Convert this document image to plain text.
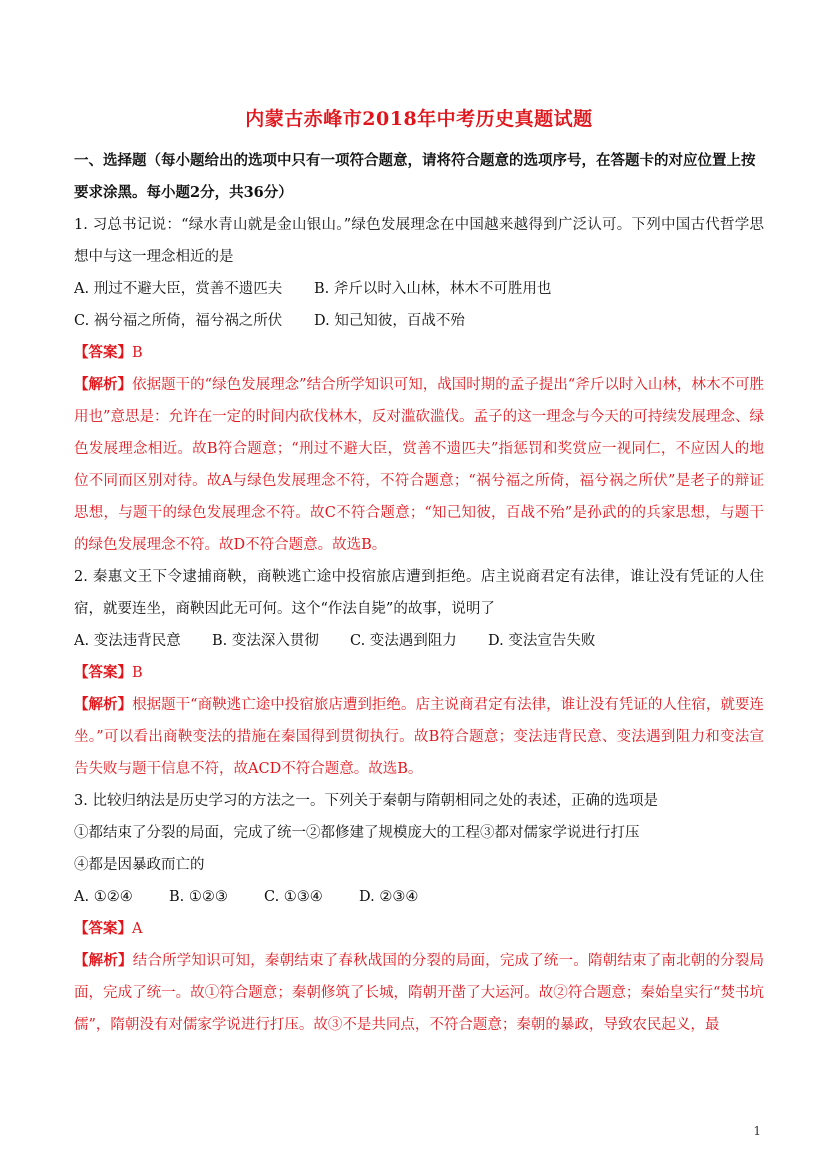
内蒙古赤峰市2018年中考历史真题试题

一、选择题（每小题给出的选项中只有一项符合题意，请将符合题意的选项序号，在答题卡的对应位置上按要求涂黑。每小题2分，共36分）

1. 习总书记说：“绿水青山就是金山银山。”绿色发展理念在中国越来越得到广泛认可。下列中国古代哲学思想中与这一理念相近的是

A. 刑过不避大臣，赏善不遗匹夫	B. 斧斤以时入山林，林木不可胜用也

C. 祸兮福之所倚，福兮祸之所伏	D. 知己知彼，百战不殆

【答案】B

【解析】依据题干的“绿色发展理念”结合所学知识可知，战国时期的孟子提出“斧斤以时入山林，林木不可胜用也”意思是：允许在一定的时间内砍伐林木，反对滥砍滥伐。孟子的这一理念与今天的可持续发展理念、绿色发展理念相近。故B符合题意；“刑过不避大臣，赏善不遗匹夫”指惩罚和奖赏应一视同仁，不应因人的地位不同而区别对待。故A与绿色发展理念不符，不符合题意；“祸兮福之所倚，福兮祸之所伏”是老子的辩证思想，与题干的绿色发展理念不符。故C不符合题意；“知己知彼，百战不殆”是孙武的的兵家思想，与题干的绿色发展理念不符。故D不符合题意。故选B。

2. 秦惠文王下令逮捕商鞅，商鞅逃亡途中投宿旅店遭到拒绝。店主说商君定有法律，谁让没有凭证的人住宿，就要连坐，商鞅因此无可何。这个“作法自毙”的故事，说明了

A. 变法违背民意	B. 变法深入贯彻	C. 变法遇到阻力	D. 变法宣告失败

【答案】B

【解析】根据题干“商鞅逃亡途中投宿旅店遭到拒绝。店主说商君定有法律，谁让没有凭证的人住宿，就要连坐。”可以看出商鞅变法的措施在秦国得到贯彻执行。故B符合题意；变法违背民意、变法遇到阻力和变法宣告失败与题干信息不符，故ACD不符合题意。故选B。

3. 比较归纳法是历史学习的方法之一。下列关于秦朝与隋朝相同之处的表述，正确的选项是

①都结束了分裂的局面，完成了统一②都修建了规模庞大的工程③都对儒家学说进行打压

④都是因暴政而亡的

A. ①②④	B. ①②③	C. ①③④	D. ②③④

【答案】A

【解析】结合所学知识可知，秦朝结束了春秋战国的分裂的局面，完成了统一。隋朝结束了南北朝的分裂局面，完成了统一。故①符合题意；秦朝修筑了长城，隋朝开凿了大运河。故②符合题意；秦始皇实行“焚书坑儒”，隋朝没有对儒家学说进行打压。故③不是共同点，不符合题意；秦朝的暴政，导致农民起义，最

1
